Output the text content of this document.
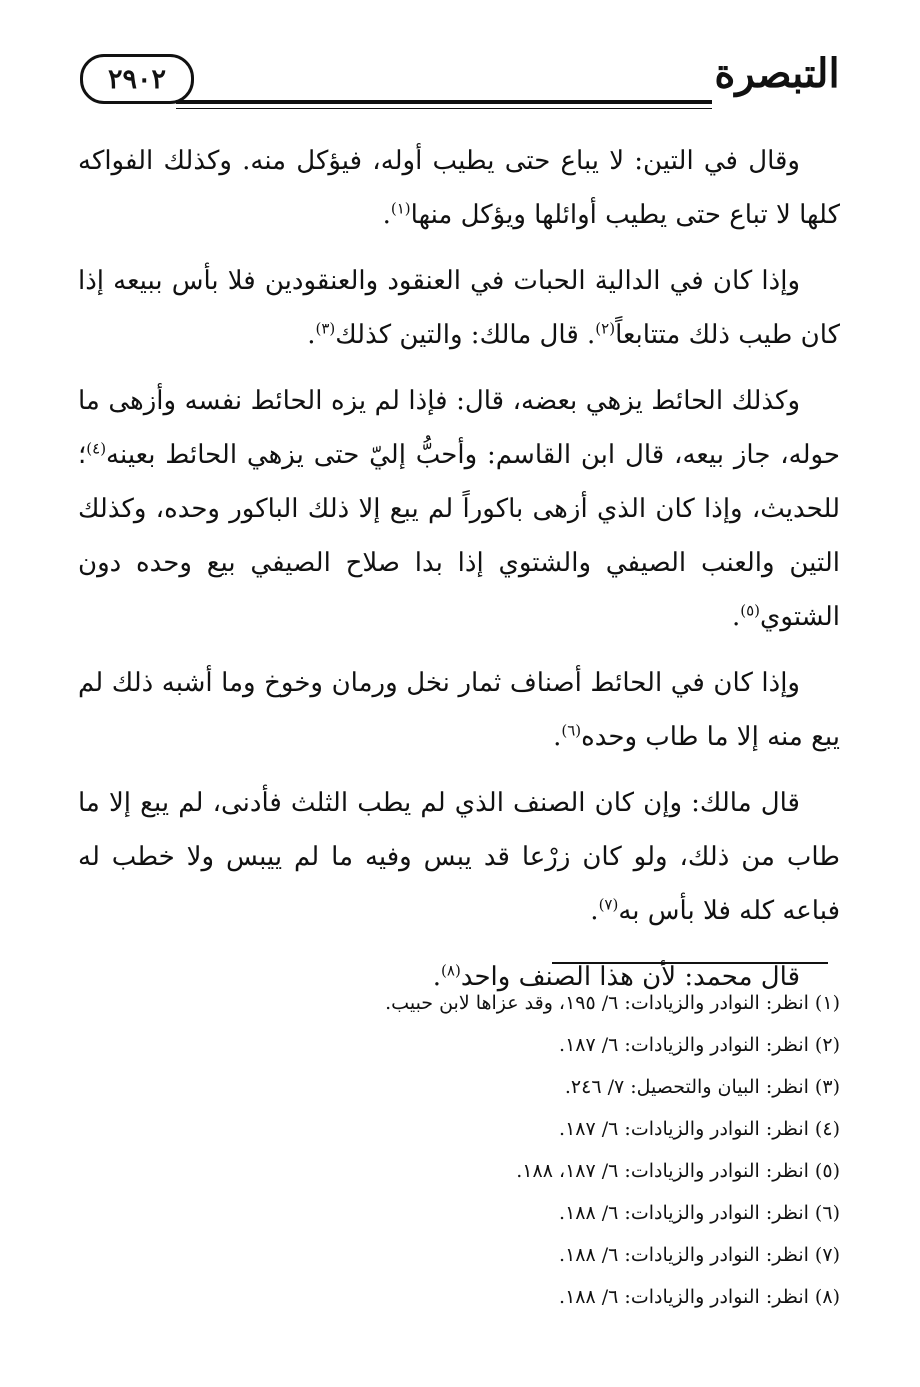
٢٩٠٢	التبصرة

وقال في التين: لا يباع حتى يطيب أوله، فيؤكل منه. وكذلك الفواكه كلها لا تباع حتى يطيب أوائلها ويؤكل منها$^{(١)}$.

وإذا كان في الدالية الحبات في العنقود والعنقودين فلا بأس ببيعه إذا كان طيب ذلك متتابعاً$^{(٢)}$. قال مالك: والتين كذلك$^{(٣)}$.

وكذلك الحائط يزهي بعضه، قال: فإذا لم يزه الحائط نفسه وأزهى ما حوله، جاز بيعه، قال ابن القاسم: وأحبُّ إليّ حتى يزهي الحائط بعينه$^{(٤)}$؛ للحديث، وإذا كان الذي أزهى باكوراً لم يبع إلا ذلك الباكور وحده، وكذلك التين والعنب الصيفي والشتوي إذا بدا صلاح الصيفي بيع وحده دون الشتوي$^{(٥)}$.

وإذا كان في الحائط أصناف ثمار نخل ورمان وخوخ وما أشبه ذلك لم يبع منه إلا ما طاب وحده$^{(٦)}$.

قال مالك: وإن كان الصنف الذي لم يطب الثلث فأدنى، لم يبع إلا ما طاب من ذلك، ولو كان زرْعا قد يبس وفيه ما لم ييبس ولا خطب له فباعه كله فلا بأس به$^{(٧)}$.

قال محمد: لأن هذا الصنف واحد$^{(٨)}$.

(١) انظر: النوادر والزيادات: ٦/ ١٩٥، وقد عزاها لابن حبيب.

(٢) انظر: النوادر والزيادات: ٦/ ١٨٧.

(٣) انظر: البيان والتحصيل: ٧/ ٢٤٦.

(٤) انظر: النوادر والزيادات: ٦/ ١٨٧.

(٥) انظر: النوادر والزيادات: ٦/ ١٨٧، ١٨٨.

(٦) انظر: النوادر والزيادات: ٦/ ١٨٨.

(٧) انظر: النوادر والزيادات: ٦/ ١٨٨.

(٨) انظر: النوادر والزيادات: ٦/ ١٨٨.
